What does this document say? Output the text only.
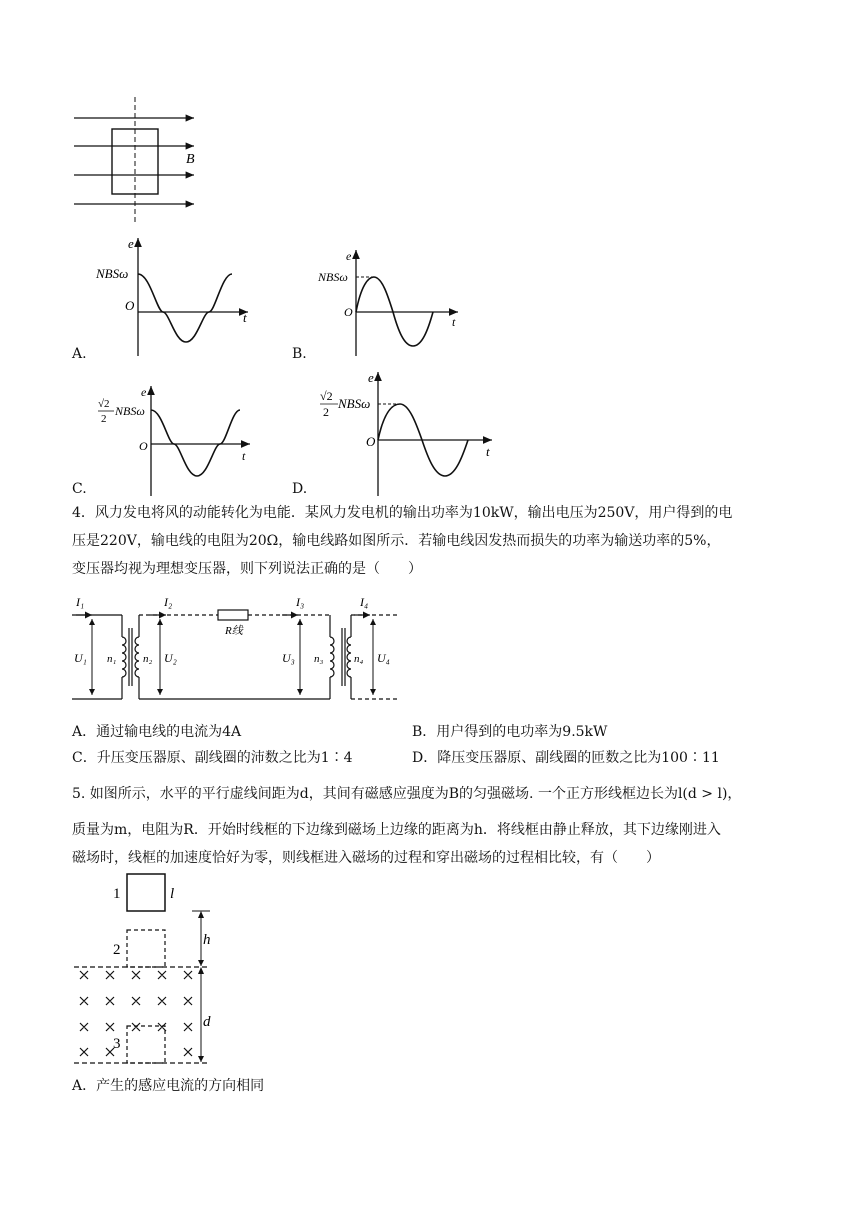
B
e
t
O
NBSω
A.
e
t
O
NBSω
B.
e
t
O
√2
2
NBSω
C.
e
t
O
√2
2
NBSω
D.
4．风力发电将风的动能转化为电能．某风力发电机的输出功率为10kW，输出电压为250V，用户得到的电
压是220V，输电线的电阻为20Ω，输电线路如图所示．若输电线因发热而损失的功率为输送功率的5%，
变压器均视为理想变压器，则下列说法正确的是（　　）
I₁	I₂	I₃	I₄
R线
U₁ n₁ n₂ U₂	U₃ n₃	n₄ U₄
A．通过输电线的电流为4A	B．用户得到的电功率为9.5kW
C．升压变压器原、副线圈的沛数之比为1∶4	D．降压变压器原、副线圈的匝数之比为100∶11
5. 如图所示，水平的平行虚线间距为d，其间有磁感应强度为B的匀强磁场. 一个正方形线框边长为l(d > l)，
质量为m，电阻为R．开始时线框的下边缘到磁场上边缘的距离为h．将线框由静止释放，其下边缘刚进入
磁场时，线框的加速度恰好为零，则线框进入磁场的过程和穿出磁场的过程相比较，有（　　）
1	l
2
3
h
d
A．产生的感应电流的方向相同
